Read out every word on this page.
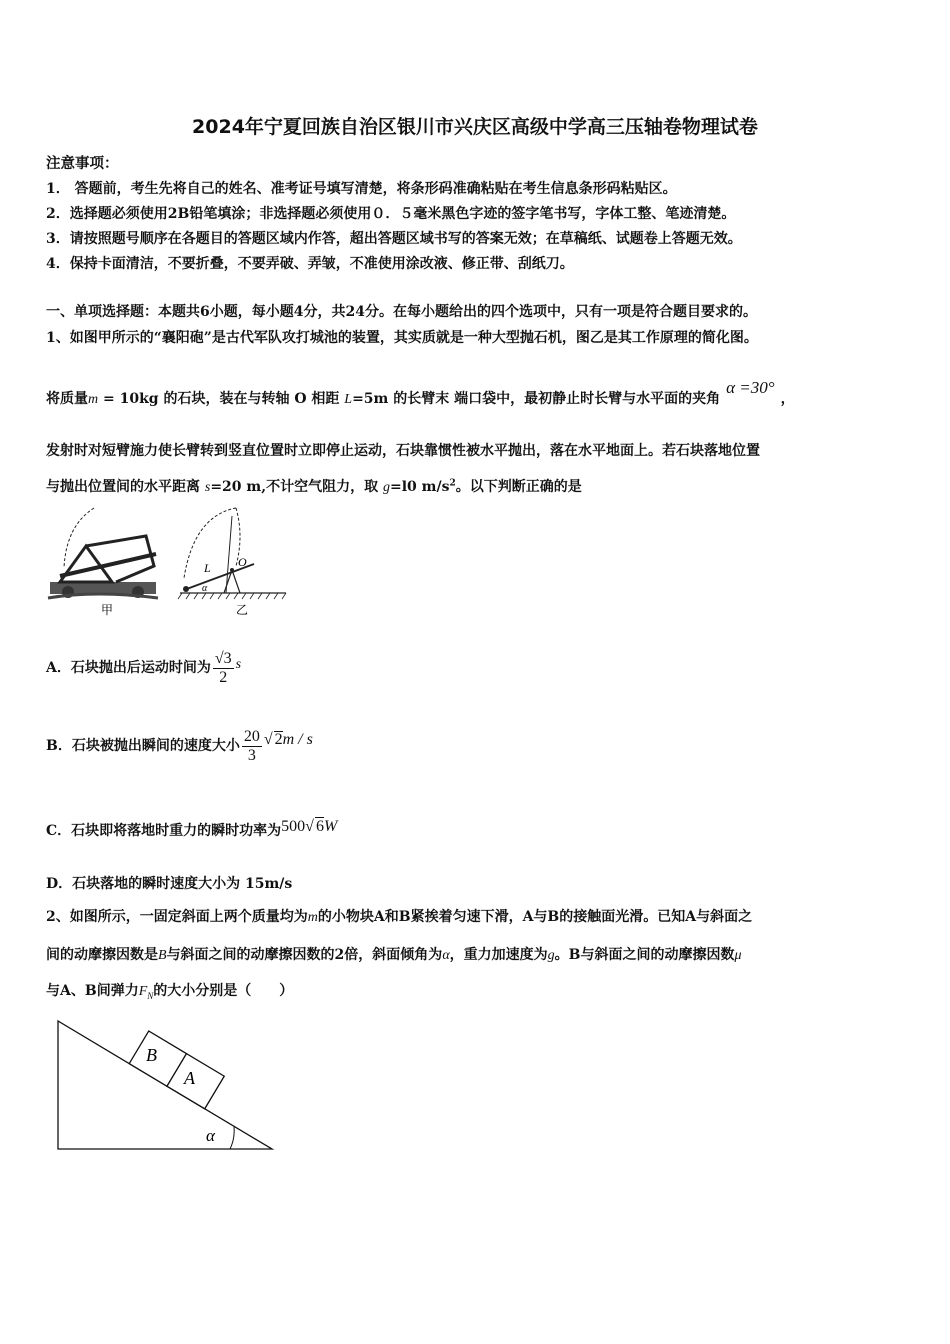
2024年宁夏回族自治区银川市兴庆区高级中学高三压轴卷物理试卷
注意事项：
1． 答题前，考生先将自己的姓名、准考证号填写清楚，将条形码准确粘贴在考生信息条形码粘贴区。
2．选择题必须使用2B铅笔填涂；非选择题必须使用０．５毫米黑色字迹的签字笔书写，字体工整、笔迹清楚。
3．请按照题号顺序在各题目的答题区域内作答，超出答题区域书写的答案无效；在草稿纸、试题卷上答题无效。
4．保持卡面清洁，不要折叠，不要弄破、弄皱，不准使用涂改液、修正带、刮纸刀。
一、单项选择题：本题共6小题，每小题4分，共24分。在每小题给出的四个选项中，只有一项是符合题目要求的。
1、如图甲所示的“襄阳砲”是古代军队攻打城池的装置，其实质就是一种大型抛石机，图乙是其工作原理的简化图。
将质量m = 10kg 的石块，装在与转轴 O 相距 L=5m 的长臂末 端口袋中，最初静止时长臂与水平面的夹角α =30°，
发射时对短臂施力使长臂转到竖直位置时立即停止运动，石块靠惯性被水平抛出，落在水平地面上。若石块落地位置
与抛出位置间的水平距离 s=20 m,不计空气阻力，取 g=l0 $m/s^2$。以下判断正确的是
甲
L O
α
乙
A．石块抛出后运动时间为 $\frac{√3}{2}$ s
B．石块被抛出瞬间的速度大小 $\frac{20}{3}$ √ 2m / s
C．石块即将落地时重力的瞬时功率为500√ 6W
D．石块落地的瞬时速度大小为 15m/s
2、如图所示，一固定斜面上两个质量均为m的小物块A和B紧挨着匀速下滑，A与B的接触面光滑。已知A与斜面之
间的动摩擦因数是B与斜面之间的动摩擦因数的2倍，斜面倾角为α，重力加速度为g。B与斜面之间的动摩擦因数μ
与A、B间弹力$F_N$的大小分别是（　　）
B
A
α
